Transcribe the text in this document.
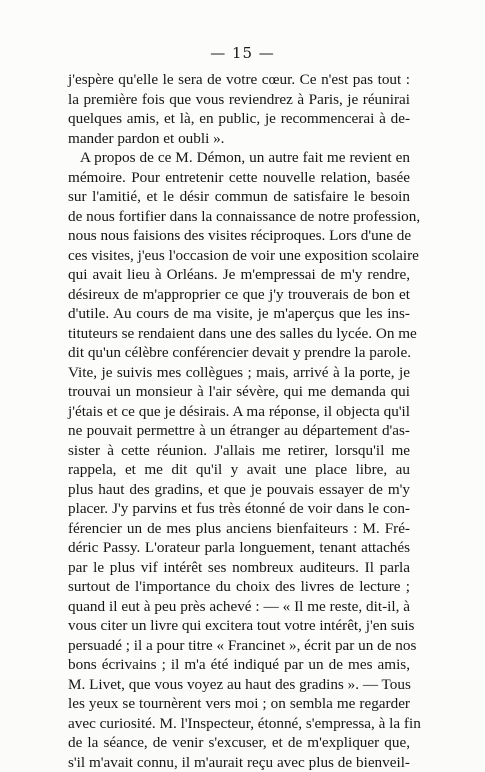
— 15 —
j'espère qu'elle le sera de votre cœur. Ce n'est pas tout :
la première fois que vous reviendrez à Paris, je réunirai
quelques amis, et là, en public, je recommencerai à de-
mander pardon et oubli ».
A propos de ce M. Démon, un autre fait me revient en
mémoire. Pour entretenir cette nouvelle relation, basée
sur l'amitié, et le désir commun de satisfaire le besoin
de nous fortifier dans la connaissance de notre profession,
nous nous faisions des visites réciproques. Lors d'une de
ces visites, j'eus l'occasion de voir une exposition scolaire
qui avait lieu à Orléans. Je m'empressai de m'y rendre,
désireux de m'approprier ce que j'y trouverais de bon et
d'utile. Au cours de ma visite, je m'aperçus que les ins-
tituteurs se rendaient dans une des salles du lycée. On me
dit qu'un célèbre conférencier devait y prendre la parole.
Vite, je suivis mes collègues ; mais, arrivé à la porte, je
trouvai un monsieur à l'air sévère, qui me demanda qui
j'étais et ce que je désirais. A ma réponse, il objecta qu'il
ne pouvait permettre à un étranger au département d'as-
sister à cette réunion. J'allais me retirer, lorsqu'il me
rappela, et me dit qu'il y avait une place libre, au
plus haut des gradins, et que je pouvais essayer de m'y
placer. J'y parvins et fus très étonné de voir dans le con-
férencier un de mes plus anciens bienfaiteurs : M. Fré-
déric Passy. L'orateur parla longuement, tenant attachés
par le plus vif intérêt ses nombreux auditeurs. Il parla
surtout de l'importance du choix des livres de lecture ;
quand il eut à peu près achevé : — « Il me reste, dit-il, à
vous citer un livre qui excitera tout votre intérêt, j'en suis
persuadé ; il a pour titre « Francinet », écrit par un de nos
bons écrivains ; il m'a été indiqué par un de mes amis,
M. Livet, que vous voyez au haut des gradins ». — Tous
les yeux se tournèrent vers moi ; on sembla me regarder
avec curiosité. M. l'Inspecteur, étonné, s'empressa, à la fin
de la séance, de venir s'excuser, et de m'expliquer que,
s'il m'avait connu, il m'aurait reçu avec plus de bienveil-
